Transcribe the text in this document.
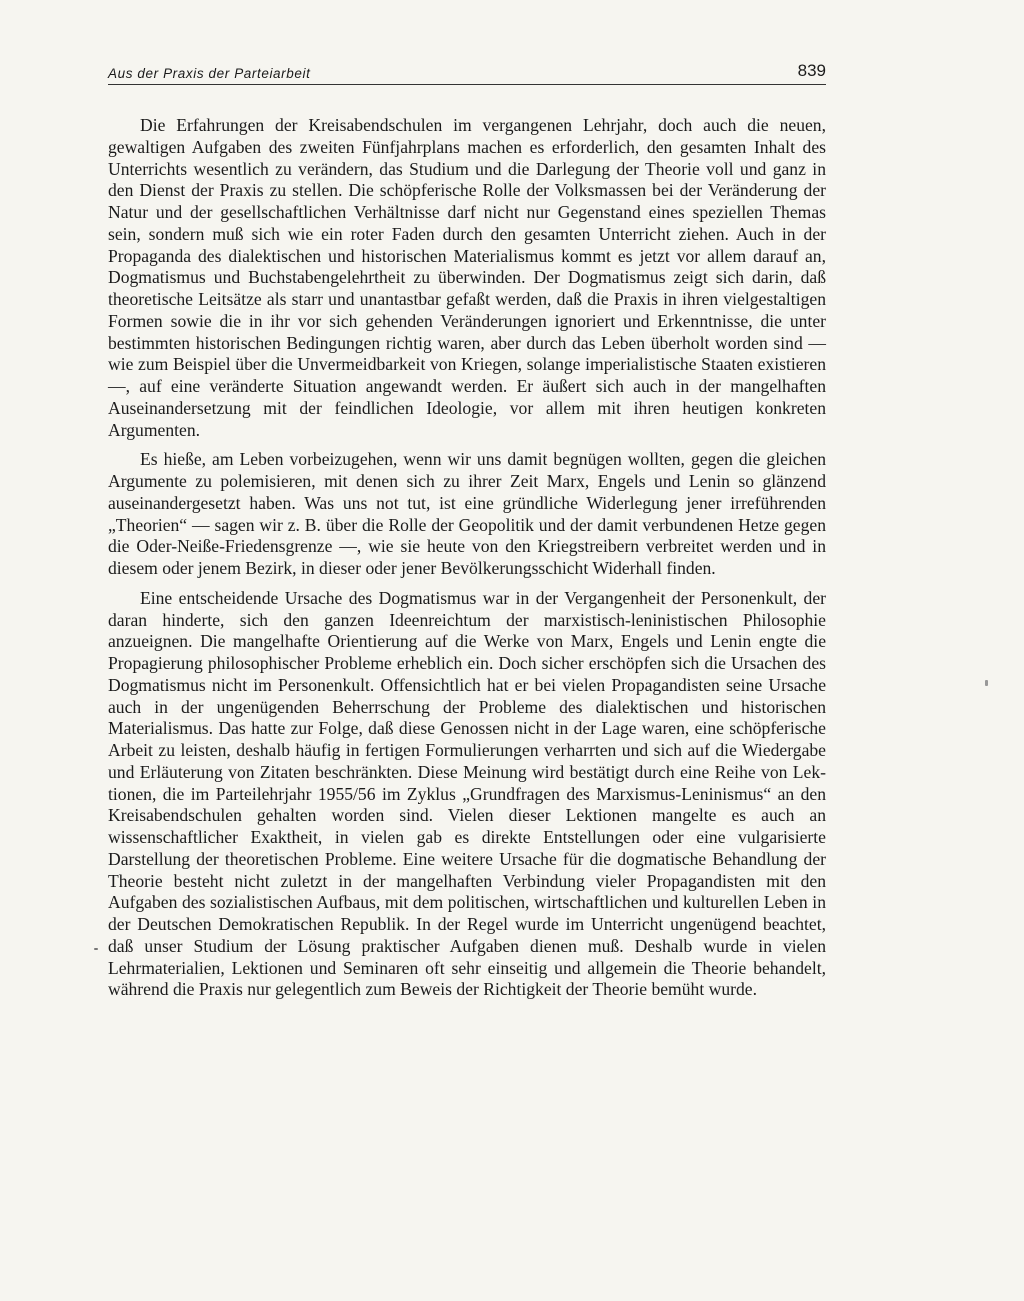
Aus der Praxis der Parteiarbeit	839

Die Erfahrungen der Kreisabendschulen im vergangenen Lehrjahr, doch auch die neuen, gewaltigen Aufgaben des zweiten Fünfjahrplans machen es erforderlich, den gesamten Inhalt des Unterrichts wesentlich zu verändern, das Studium und die Darlegung der Theorie voll und ganz in den Dienst der Praxis zu stellen. Die schöpferische Rolle der Volksmassen bei der Veränderung der Natur und der gesellschaftlichen Verhältnisse darf nicht nur Gegenstand eines speziellen Themas sein, sondern muß sich wie ein roter Faden durch den gesamten Unterricht ziehen. Auch in der Propaganda des dialektischen und historischen Materialismus kommt es jetzt vor allem darauf an, Dogmatismus und Buchstabengelehrtheit zu überwinden. Der Dogmatismus zeigt sich darin, daß theoretische Leitsätze als starr und unantastbar gefaßt werden, daß die Praxis in ihren vielgestaltigen Formen sowie die in ihr vor sich gehenden Veränderungen ignoriert und Erkenntnisse, die unter bestimmten historischen Bedingungen richtig waren, aber durch das Leben überholt worden sind — wie zum Beispiel über die Unvermeidbarkeit von Kriegen, solange imperialistische Staaten existieren —, auf eine veränderte Situation angewandt werden. Er äußert sich auch in der mangelhaften Auseinandersetzung mit der feindlichen Ideologie, vor allem mit ihren heutigen konkreten Argumenten.

Es hieße, am Leben vorbeizugehen, wenn wir uns damit begnügen wollten, gegen die gleichen Argumente zu polemisieren, mit denen sich zu ihrer Zeit Marx, Engels und Lenin so glänzend auseinandergesetzt haben. Was uns not tut, ist eine gründliche Widerlegung jener irreführenden „Theorien“ — sagen wir z. B. über die Rolle der Geopolitik und der damit verbundenen Hetze gegen die Oder-Neiße-Friedensgrenze —, wie sie heute von den Kriegstreibern verbreitet werden und in diesem oder jenem Bezirk, in dieser oder jener Bevölkerungsschicht Widerhall finden.

Eine entscheidende Ursache des Dogmatismus war in der Vergangenheit der Personenkult, der daran hinderte, sich den ganzen Ideenreichtum der marxistisch-leninistischen Philosophie anzueignen. Die mangelhafte Orientierung auf die Werke von Marx, Engels und Lenin engte die Propagierung philosophischer Probleme erheblich ein. Doch sicher erschöpfen sich die Ursachen des Dogmatismus nicht im Personenkult. Offensichtlich hat er bei vielen Propagandisten seine Ursache auch in der ungenügenden Beherrschung der Probleme des dialektischen und historischen Materialismus. Das hatte zur Folge, daß diese Genossen nicht in der Lage waren, eine schöpferische Arbeit zu leisten, deshalb häufig in fertigen Formulierungen verharrten und sich auf die Wiedergabe und Erläuterung von Zitaten beschränkten. Diese Meinung wird bestätigt durch eine Reihe von Lektionen, die im Parteilehrjahr 1955/56 im Zyklus „Grundfragen des Marxismus-Leninismus“ an den Kreisabendschulen gehalten worden sind. Vielen dieser Lektionen mangelte es auch an wissenschaftlicher Exaktheit, in vielen gab es direkte Entstellungen oder eine vulgarisierte Darstellung der theoretischen Probleme. Eine weitere Ursache für die dogmatische Behandlung der Theorie besteht nicht zuletzt in der mangelhaften Verbindung vieler Propagandisten mit den Aufgaben des sozialistischen Aufbaus, mit dem politischen, wirtschaftlichen und kulturellen Leben in der Deutschen Demokratischen Republik. In der Regel wurde im Unterricht ungenügend beachtet, daß unser Studium der Lösung praktischer Aufgaben dienen muß. Deshalb wurde in vielen Lehrmaterialien, Lektionen und Seminaren oft sehr einseitig und allgemein die Theorie behandelt, während die Praxis nur gelegentlich zum Beweis der Richtigkeit der Theorie bemüht wurde.
